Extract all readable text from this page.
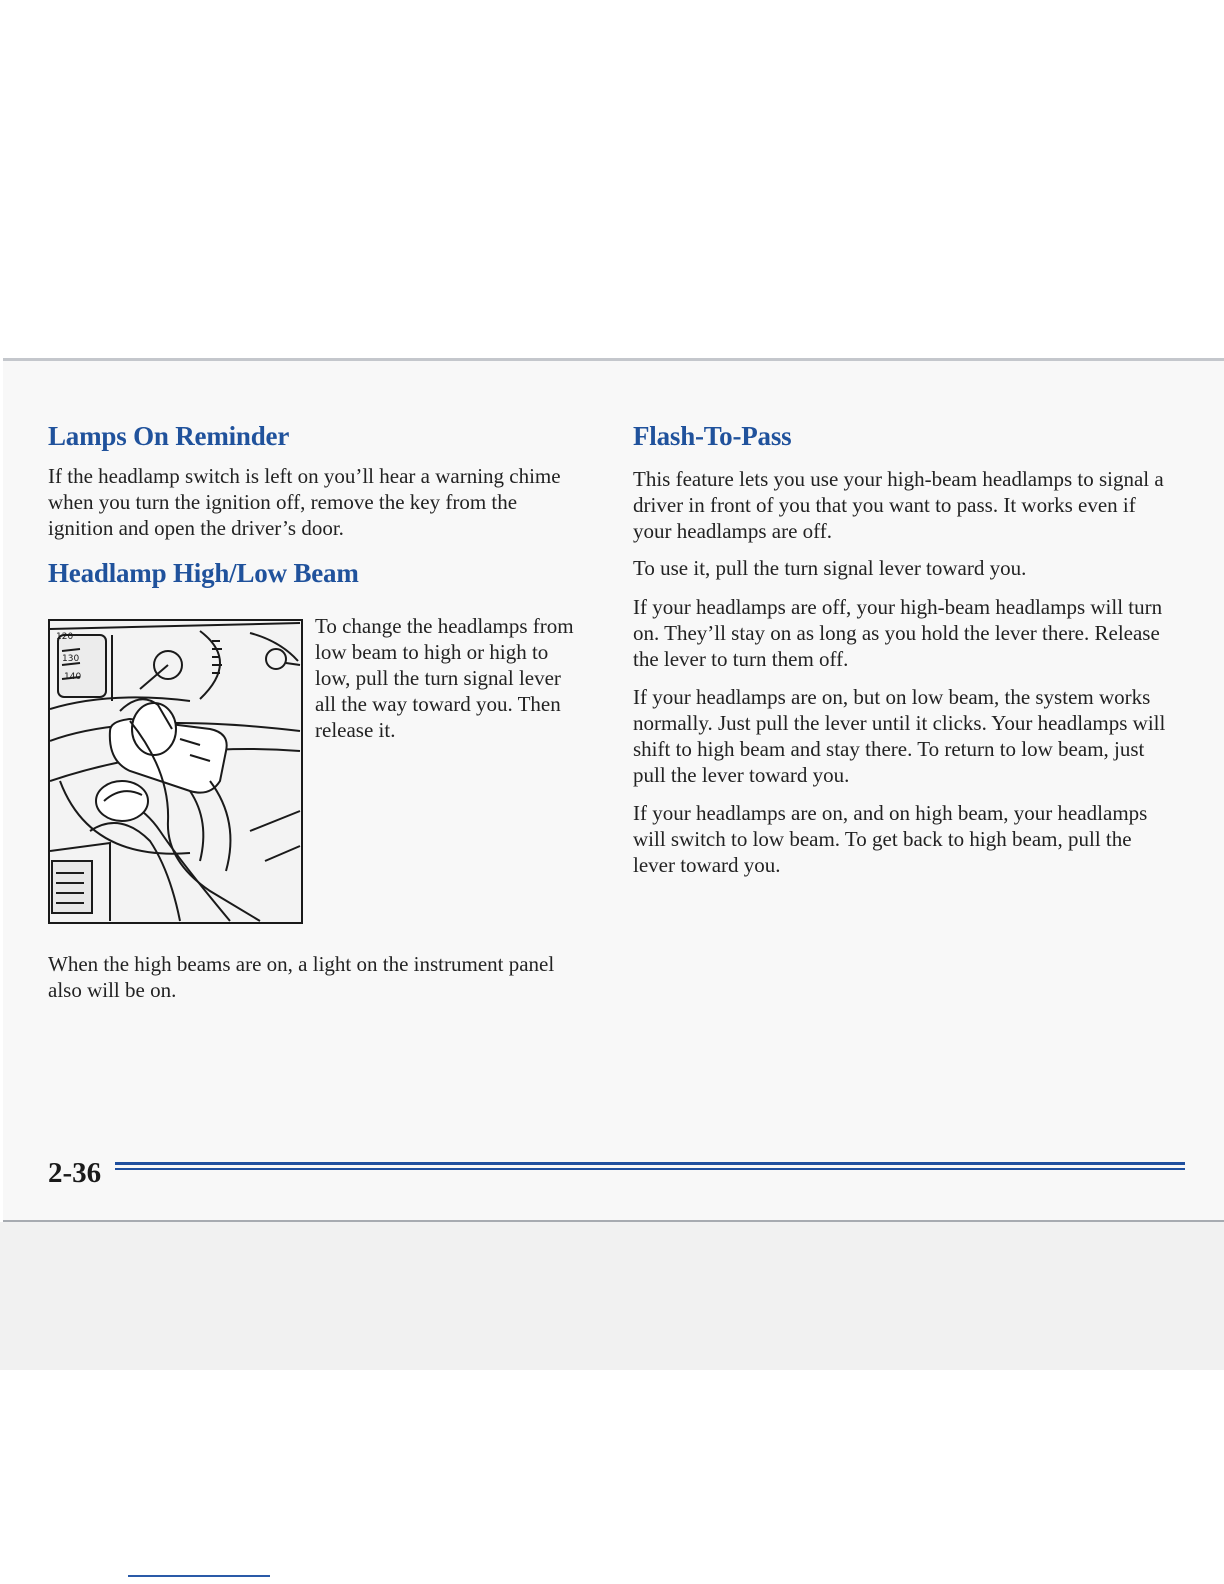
Lamps On Reminder

If the headlamp switch is left on you’ll hear a warning chime when you turn the ignition off, remove the key from the ignition and open the driver’s door.

Headlamp High/Low Beam
120
130
140

To change the headlamps from low beam to high or high to low, pull the turn signal lever all the way toward you. Then release it.

When the high beams are on, a light on the instrument panel also will be on.

Flash-To-Pass

This feature lets you use your high-beam headlamps to signal a driver in front of you that you want to pass. It works even if your headlamps are off.

To use it, pull the turn signal lever toward you.

If your headlamps are off, your high-beam headlamps will turn on. They’ll stay on as long as you hold the lever there. Release the lever to turn them off.

If your headlamps are on, but on low beam, the system works normally. Just pull the lever until it clicks. Your headlamps will shift to high beam and stay there. To return to low beam, just pull the lever toward you.

If your headlamps are on, and on high beam, your headlamps will switch to low beam. To get back to high beam, pull the lever toward you.

2-36
